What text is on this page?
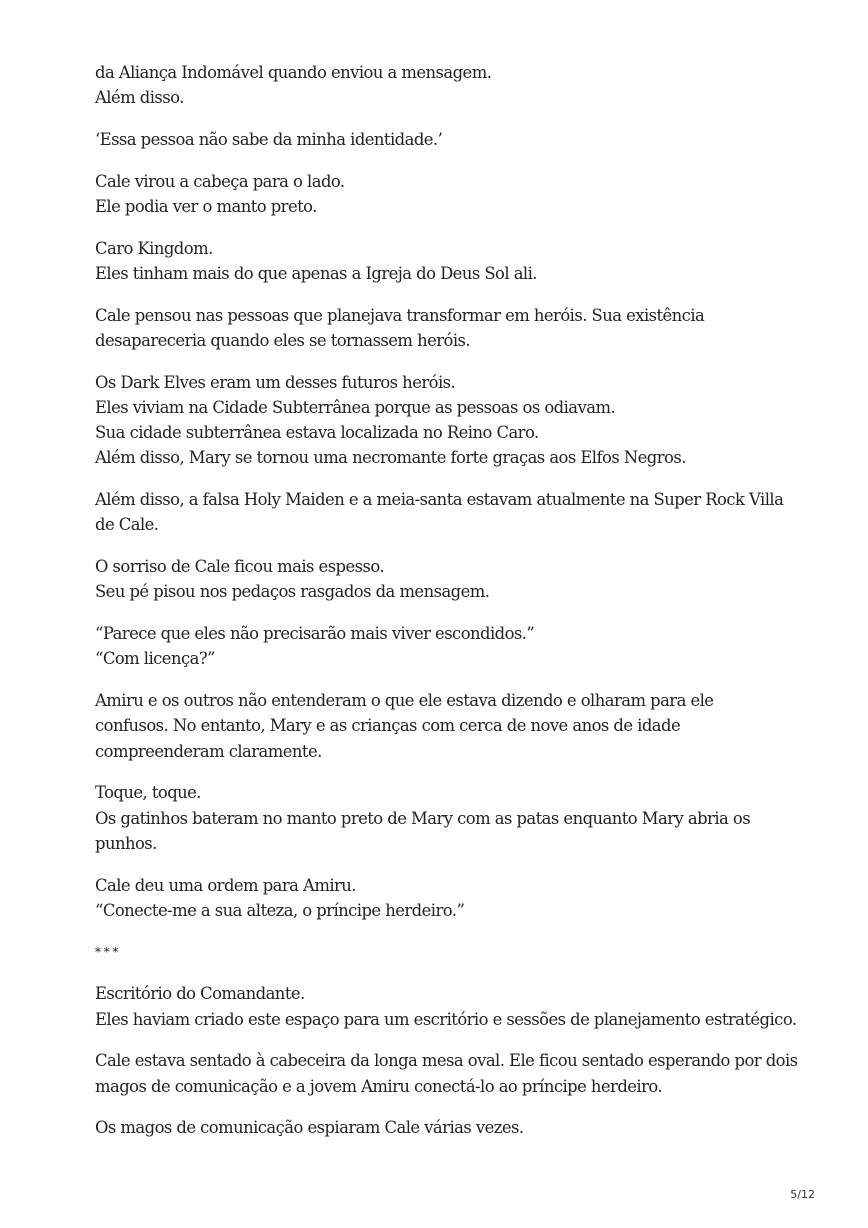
da Aliança Indomável quando enviou a mensagem.
Além disso.
‘Essa pessoa não sabe da minha identidade.’
Cale virou a cabeça para o lado.
Ele podia ver o manto preto.
Caro Kingdom.
Eles tinham mais do que apenas a Igreja do Deus Sol ali.
Cale pensou nas pessoas que planejava transformar em heróis. Sua existência
desapareceria quando eles se tornassem heróis.
Os Dark Elves eram um desses futuros heróis.
Eles viviam na Cidade Subterrânea porque as pessoas os odiavam.
Sua cidade subterrânea estava localizada no Reino Caro.
Além disso, Mary se tornou uma necromante forte graças aos Elfos Negros.
Além disso, a falsa Holy Maiden e a meia-santa estavam atualmente na Super Rock Villa
de Cale.
O sorriso de Cale ficou mais espesso.
Seu pé pisou nos pedaços rasgados da mensagem.
“Parece que eles não precisarão mais viver escondidos.”
“Com licença?”
Amiru e os outros não entenderam o que ele estava dizendo e olharam para ele
confusos. No entanto, Mary e as crianças com cerca de nove anos de idade
compreenderam claramente.
Toque, toque.
Os gatinhos bateram no manto preto de Mary com as patas enquanto Mary abria os
punhos.
Cale deu uma ordem para Amiru.
“Conecte-me a sua alteza, o príncipe herdeiro.”
* * *
Escritório do Comandante.
Eles haviam criado este espaço para um escritório e sessões de planejamento estratégico.
Cale estava sentado à cabeceira da longa mesa oval. Ele ficou sentado esperando por dois
magos de comunicação e a jovem Amiru conectá-lo ao príncipe herdeiro.
Os magos de comunicação espiaram Cale várias vezes.
5/12
